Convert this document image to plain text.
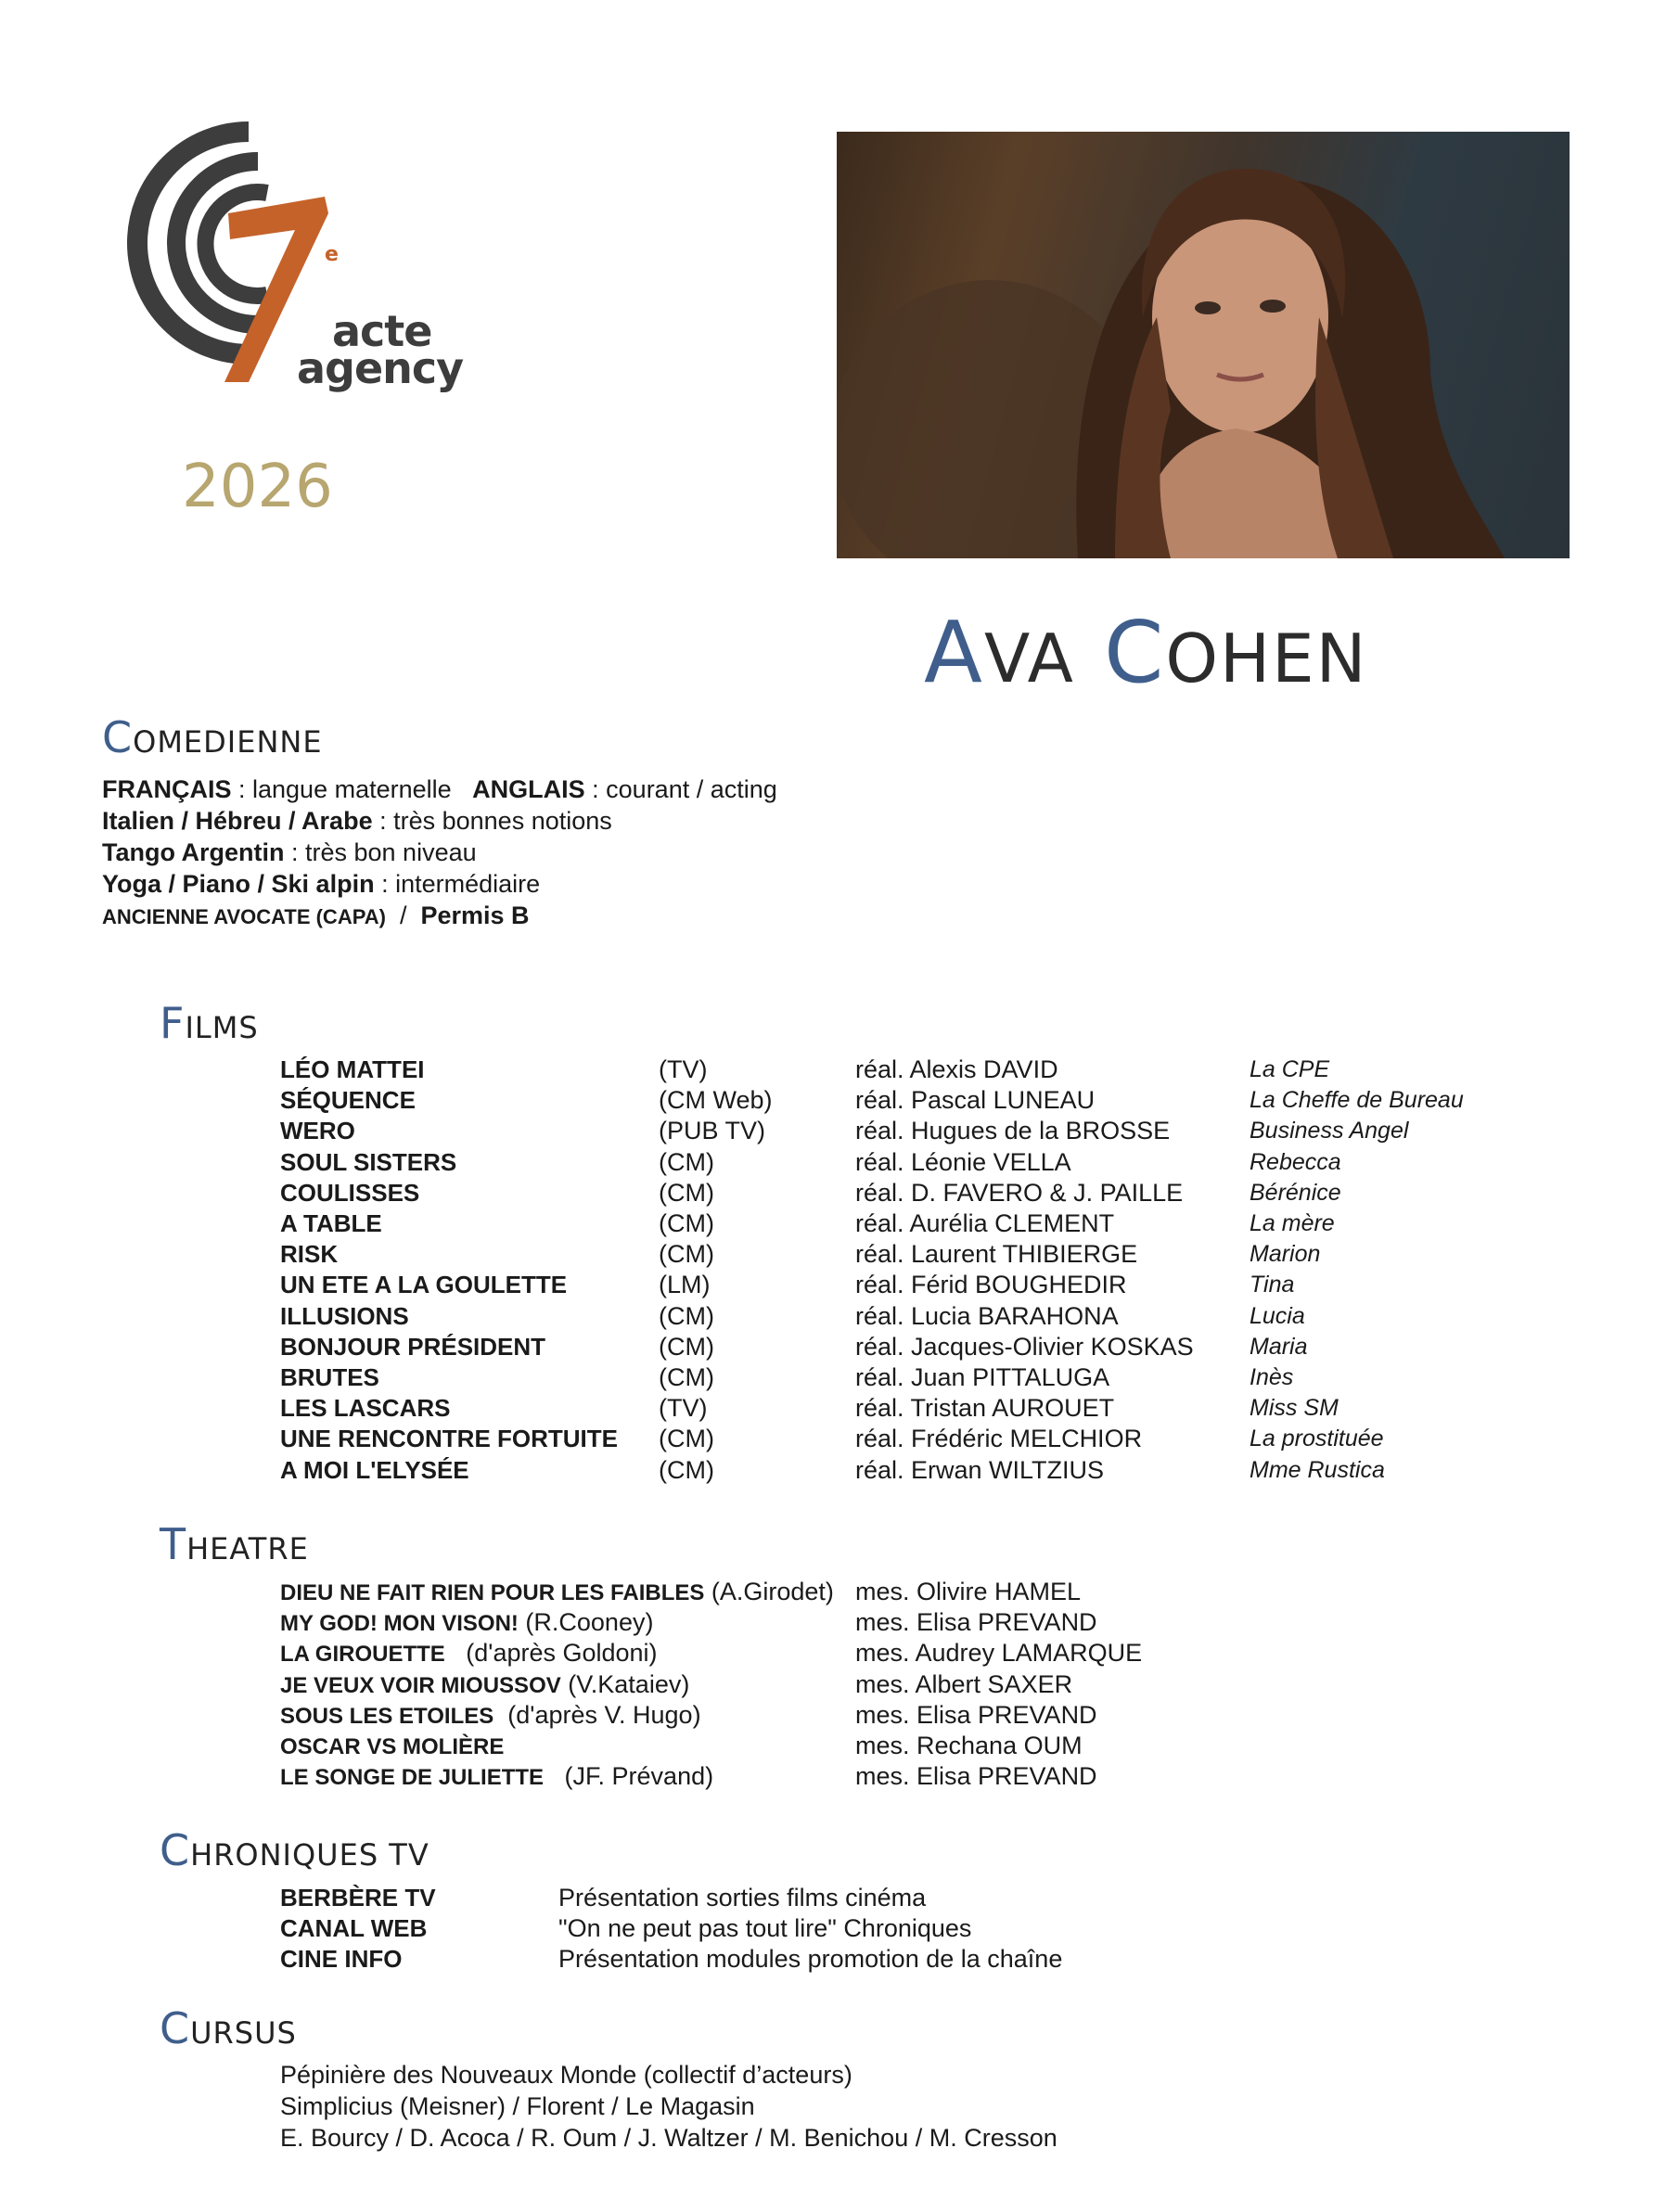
e
acte
agency
2026
AVA COHEN
COMEDIENNE
FRANÇAIS : langue maternelle   ANGLAIS : courant / acting
Italien / Hébreu / Arabe : très bonnes notions
Tango Argentin : très bon niveau
Yoga / Piano / Ski alpin : intermédiaire
ANCIENNE AVOCATE (CAPA)  /  Permis B
FILMS
LÉO MATTEI	(TV)	réal. Alexis DAVID	La CPE
SÉQUENCE	(CM Web)	réal. Pascal LUNEAU	La Cheffe de Bureau
WERO	(PUB TV)	réal. Hugues de la BROSSE	Business Angel
SOUL SISTERS	(CM)	réal. Léonie VELLA	Rebecca
COULISSES	(CM)	réal. D. FAVERO & J. PAILLE	Bérénice
A TABLE	(CM)	réal. Aurélia CLEMENT	La mère
RISK	(CM)	réal. Laurent THIBIERGE	Marion
UN ETE A LA GOULETTE	(LM)	réal. Férid BOUGHEDIR	Tina
ILLUSIONS	(CM)	réal. Lucia BARAHONA	Lucia
BONJOUR PRÉSIDENT	(CM)	réal. Jacques-Olivier KOSKAS Maria
BRUTES	(CM)	réal. Juan PITTALUGA	Inès
LES LASCARS	(TV)	réal. Tristan AUROUET	Miss SM
UNE RENCONTRE FORTUITE (CM)	réal. Frédéric MELCHIOR	La prostituée
A MOI L'ELYSÉE	(CM)	réal. Erwan WILTZIUS	Mme Rustica
THEATRE
DIEU NE FAIT RIEN POUR LES FAIBLES (A.Girodet) mes. Olivire HAMEL
MY GOD! MON VISON! (R.Cooney)	mes. Elisa PREVAND
LA GIROUETTE   (d'après Goldoni)	mes. Audrey LAMARQUE
JE VEUX VOIR MIOUSSOV (V.Kataiev)	mes. Albert SAXER
SOUS LES ETOILES  (d'après V. Hugo)	mes. Elisa PREVAND
OSCAR VS MOLIÈRE	mes. Rechana OUM
LE SONGE DE JULIETTE   (JF. Prévand)	mes. Elisa PREVAND
CHRONIQUES TV
BERBÈRE TV	Présentation sorties films cinéma
CANAL WEB	"On ne peut pas tout lire" Chroniques
CINE INFO	Présentation modules promotion de la chaîne
CURSUS
Pépinière des Nouveaux Monde (collectif d’acteurs)
Simplicius (Meisner) / Florent / Le Magasin
E. Bourcy / D. Acoca / R. Oum / J. Waltzer / M. Benichou / M. Cresson
